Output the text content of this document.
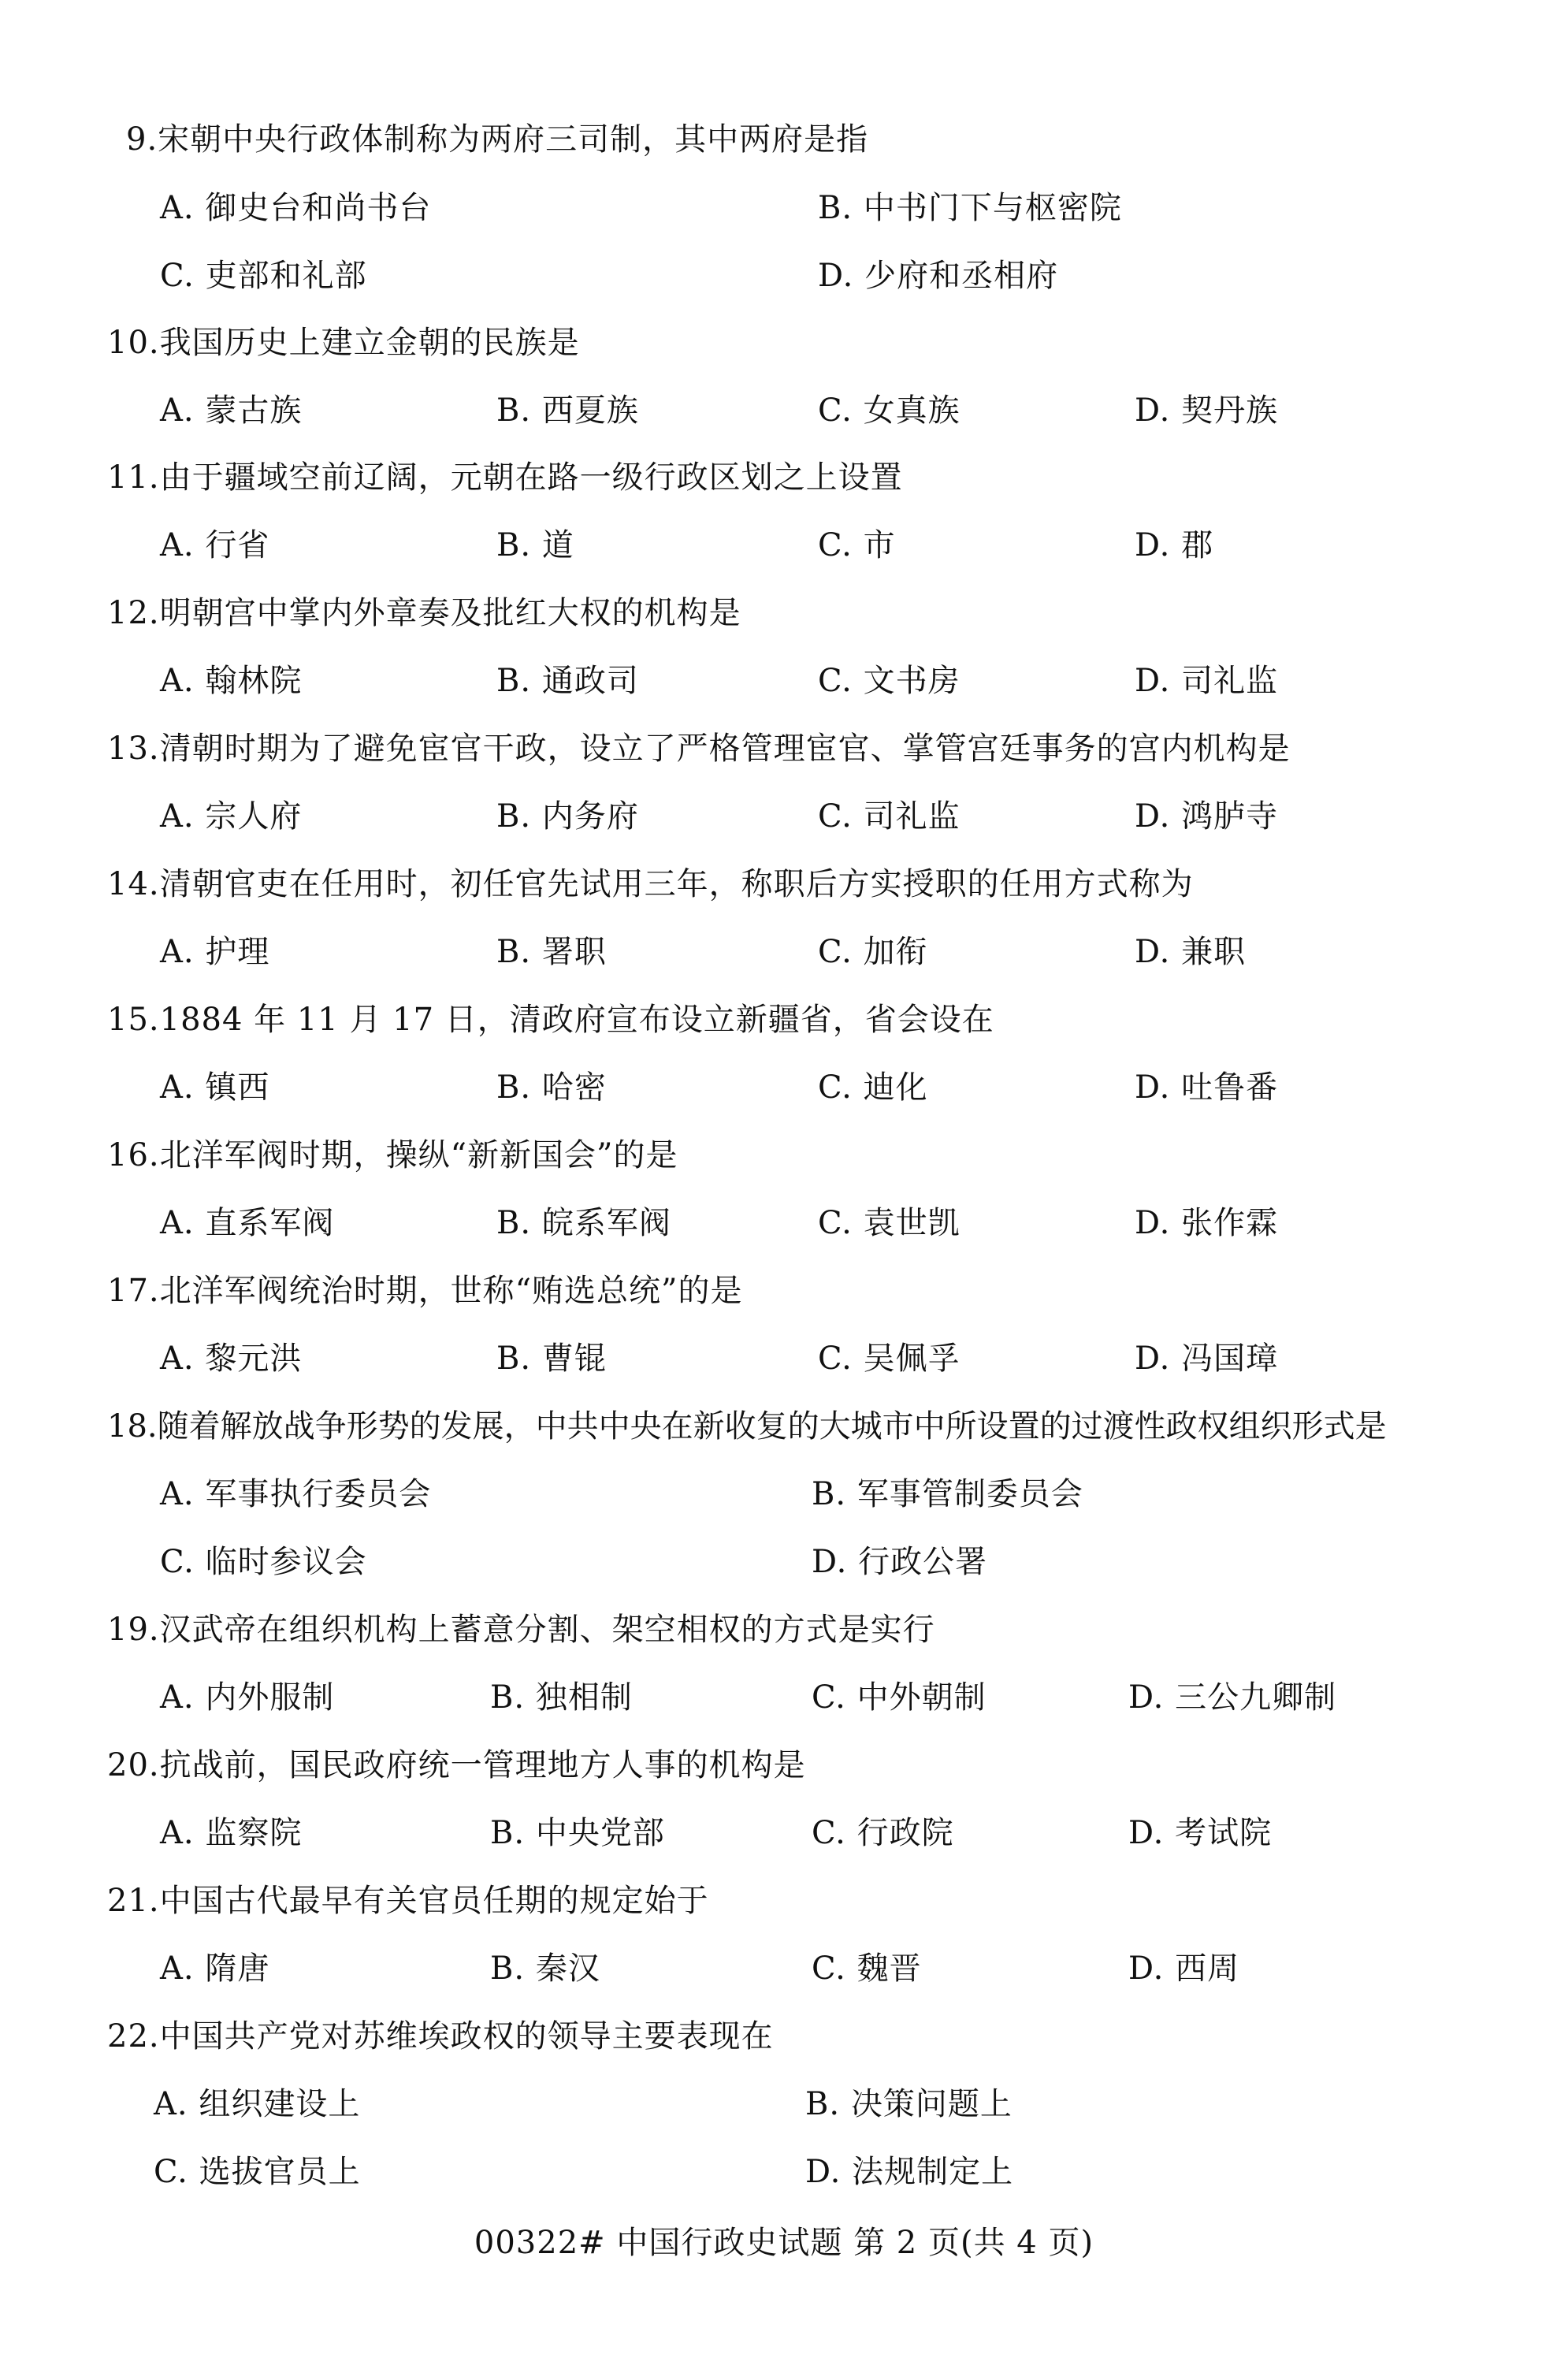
9.宋朝中央行政体制称为两府三司制，其中两府是指
A. 御史台和尚书台	B. 中书门下与枢密院
C. 吏部和礼部	D. 少府和丞相府
10.我国历史上建立金朝的民族是
A. 蒙古族	B. 西夏族	C. 女真族	D. 契丹族
11.由于疆域空前辽阔，元朝在路一级行政区划之上设置
A. 行省	B. 道	C. 市	D. 郡
12.明朝宫中掌内外章奏及批红大权的机构是
A. 翰林院	B. 通政司	C. 文书房	D. 司礼监
13.清朝时期为了避免宦官干政，设立了严格管理宦官、掌管宫廷事务的宫内机构是
A. 宗人府	B. 内务府	C. 司礼监	D. 鸿胪寺
14.清朝官吏在任用时，初任官先试用三年，称职后方实授职的任用方式称为
A. 护理	B. 署职	C. 加衔	D. 兼职
15.1884 年 11 月 17 日，清政府宣布设立新疆省，省会设在
A. 镇西	B. 哈密	C. 迪化	D. 吐鲁番
16.北洋军阀时期，操纵“新新国会”的是
A. 直系军阀	B. 皖系军阀	C. 袁世凯	D. 张作霖
17.北洋军阀统治时期，世称“贿选总统”的是
A. 黎元洪	B. 曹锟	C. 吴佩孚	D. 冯国璋
18.随着解放战争形势的发展，中共中央在新收复的大城市中所设置的过渡性政权组织形式是
A. 军事执行委员会	B. 军事管制委员会
C. 临时参议会	D. 行政公署
19.汉武帝在组织机构上蓄意分割、架空相权的方式是实行
A. 内外服制	B. 独相制	C. 中外朝制	D. 三公九卿制
20.抗战前，国民政府统一管理地方人事的机构是
A. 监察院	B. 中央党部	C. 行政院	D. 考试院
21.中国古代最早有关官员任期的规定始于
A. 隋唐	B. 秦汉	C. 魏晋	D. 西周
22.中国共产党对苏维埃政权的领导主要表现在
A. 组织建设上	B. 决策问题上
C. 选拔官员上	D. 法规制定上
00322# 中国行政史试题 第 2 页(共 4 页)
